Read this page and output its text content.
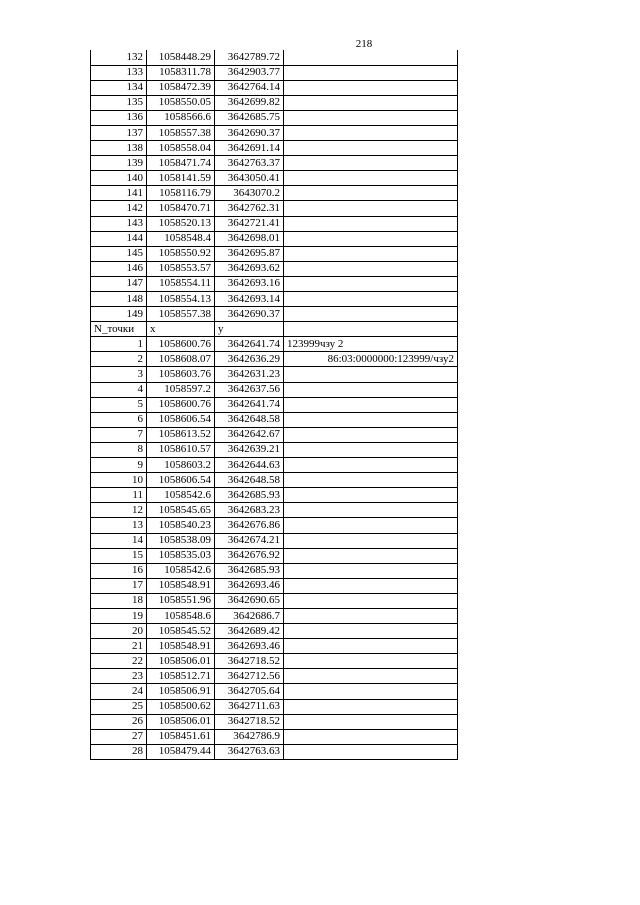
218
132	1058448.29	3642789.72	
133	1058311.78	3642903.77	
134	1058472.39	3642764.14	
135	1058550.05	3642699.82	
136	1058566.6	3642685.75	
137	1058557.38	3642690.37	
138	1058558.04	3642691.14	
139	1058471.74	3642763.37	
140	1058141.59	3643050.41	
141	1058116.79	3643070.2	
142	1058470.71	3642762.31	
143	1058520.13	3642721.41	
144	1058548.4	3642698.01	
145	1058550.92	3642695.87	
146	1058553.57	3642693.62	
147	1058554.11	3642693.16	
148	1058554.13	3642693.14	
149	1058557.38	3642690.37	
N_точки	x	y	
1	1058600.76	3642641.74	123999чзу 2
2	1058608.07	3642636.29	86:03:0000000:123999/чзу2
3	1058603.76	3642631.23	
4	1058597.2	3642637.56	
5	1058600.76	3642641.74	
6	1058606.54	3642648.58	
7	1058613.52	3642642.67	
8	1058610.57	3642639.21	
9	1058603.2	3642644.63	
10	1058606.54	3642648.58	
11	1058542.6	3642685.93	
12	1058545.65	3642683.23	
13	1058540.23	3642676.86	
14	1058538.09	3642674.21	
15	1058535.03	3642676.92	
16	1058542.6	3642685.93	
17	1058548.91	3642693.46	
18	1058551.96	3642690.65	
19	1058548.6	3642686.7	
20	1058545.52	3642689.42	
21	1058548.91	3642693.46	
22	1058506.01	3642718.52	
23	1058512.71	3642712.56	
24	1058506.91	3642705.64	
25	1058500.62	3642711.63	
26	1058506.01	3642718.52	
27	1058451.61	3642786.9	
28	1058479.44	3642763.63	
